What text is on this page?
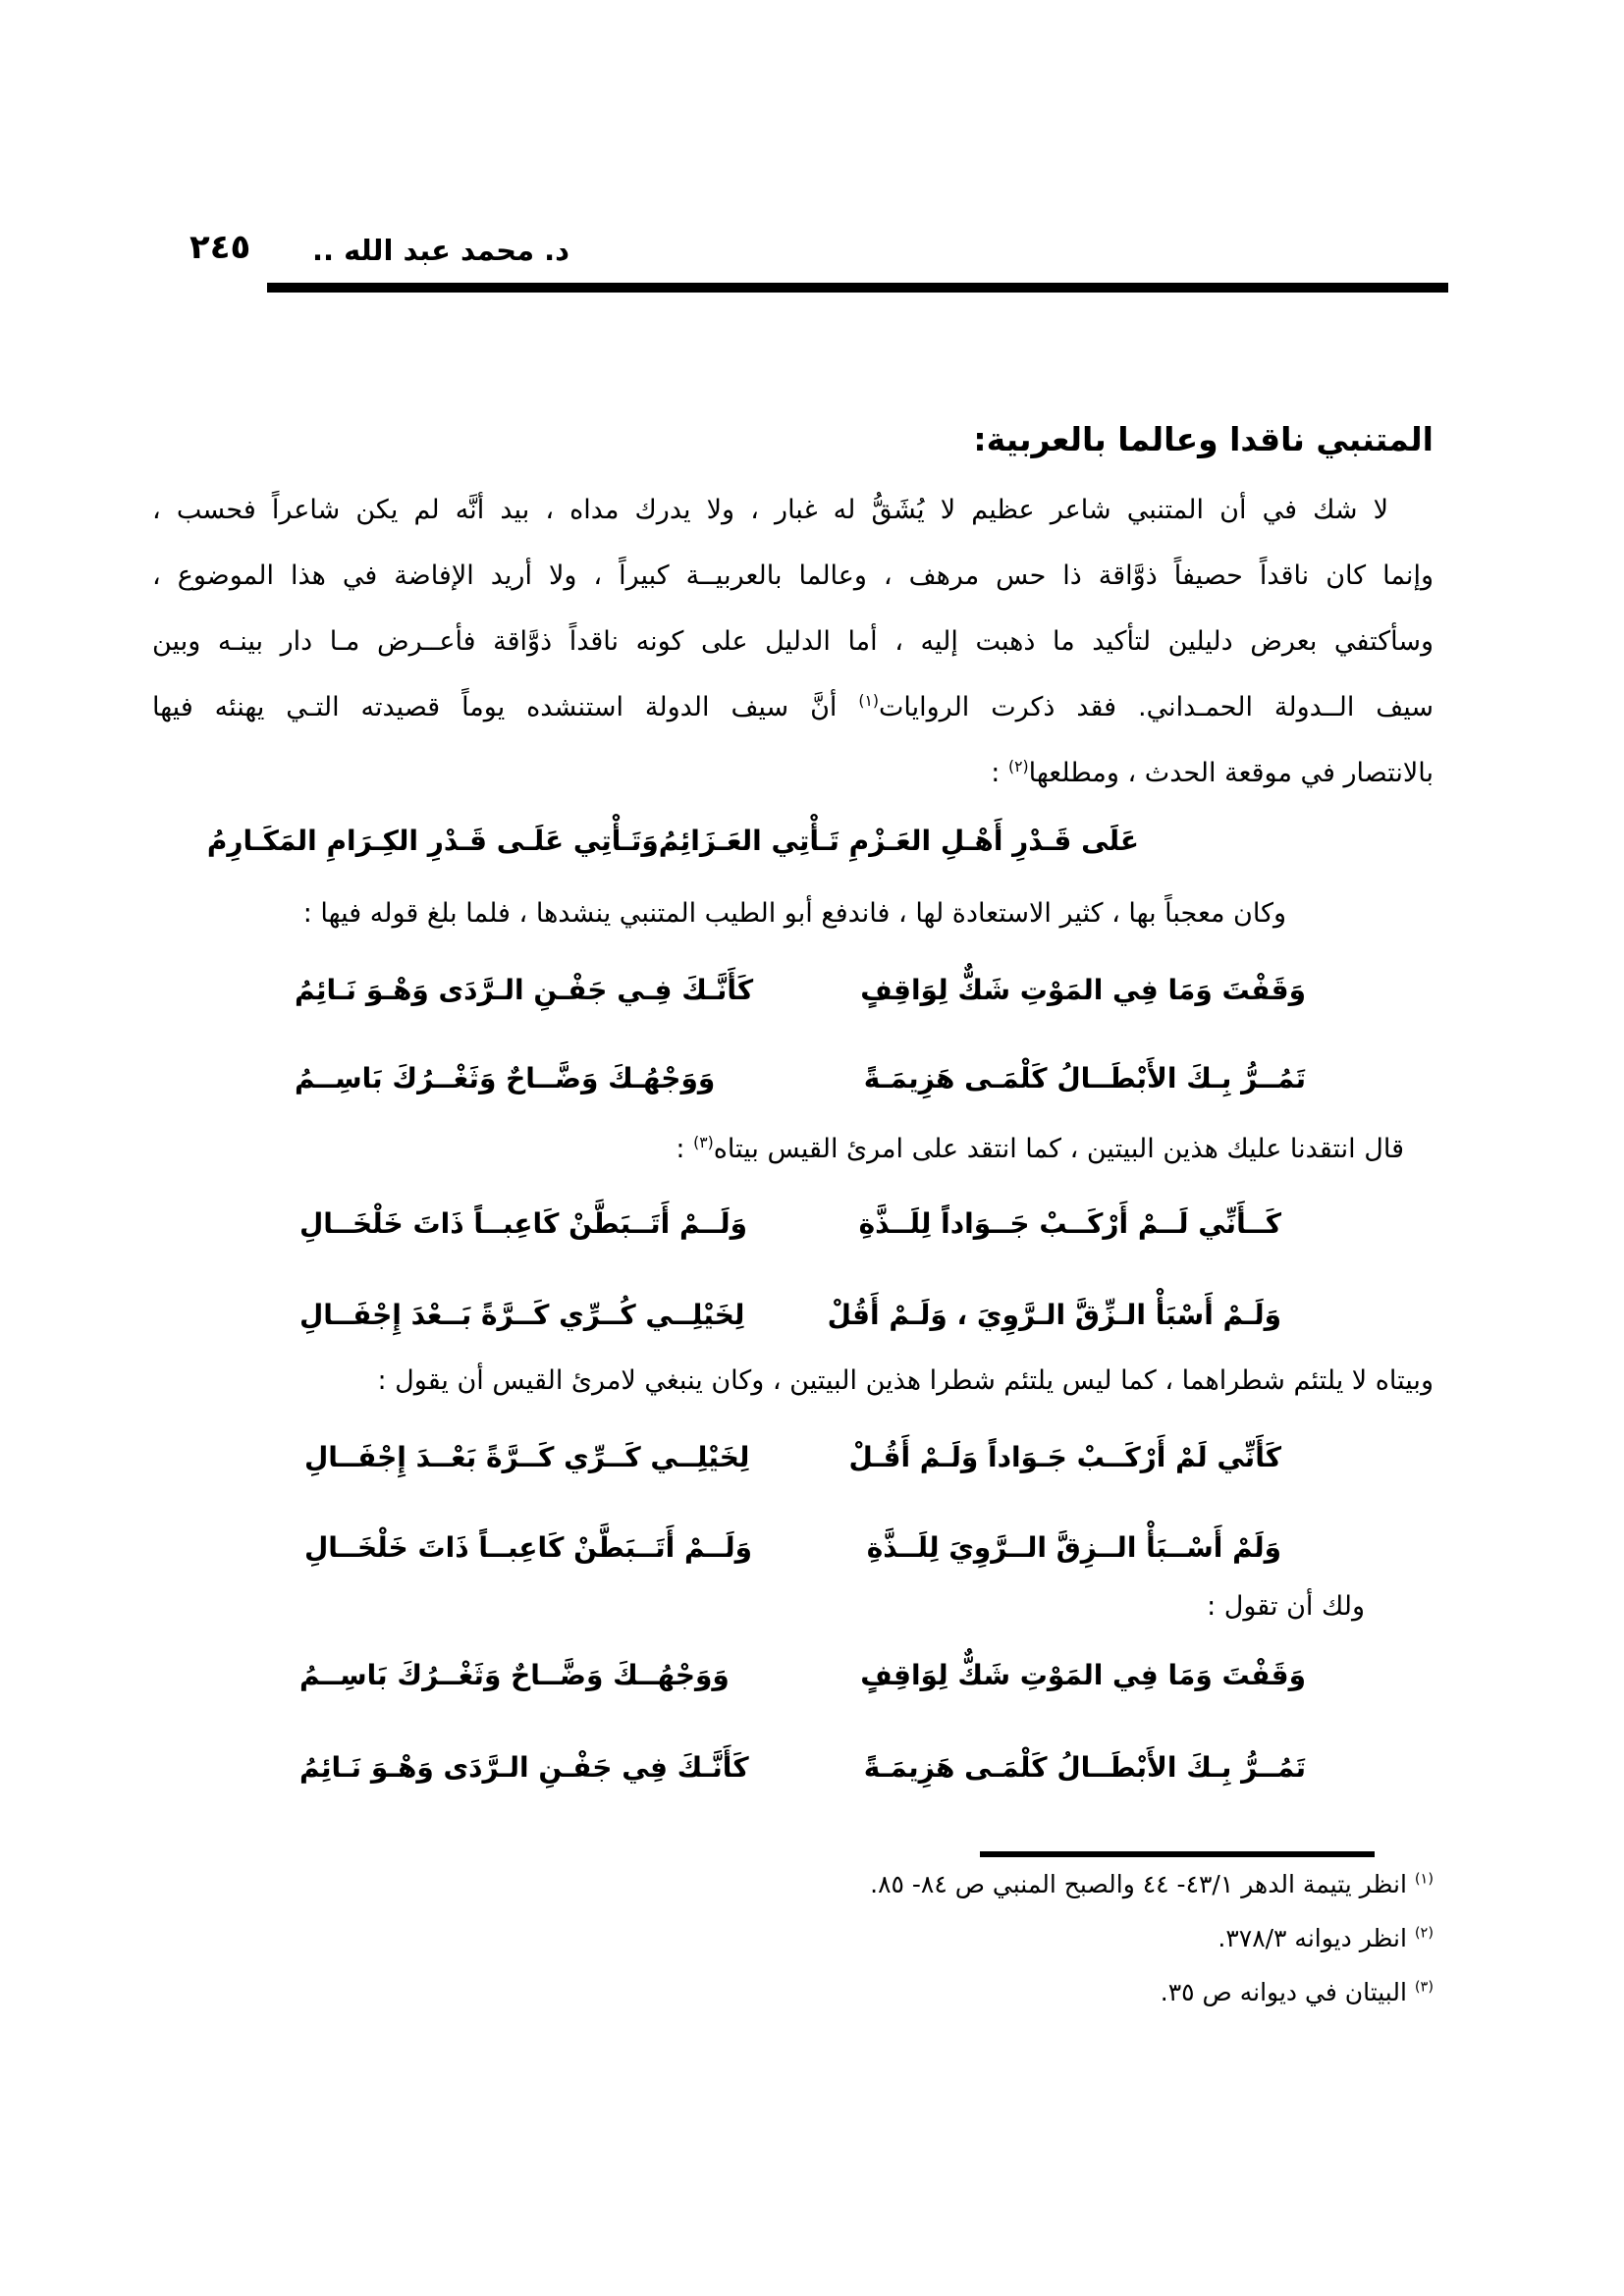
٢٤٥ د. محمد عبد الله ..
المتنبي ناقدا وعالما بالعربية:
لا شك في أن المتنبي شاعر عظيم لا يُشَقُّ له غبار ، ولا يدرك مداه ، بيد أنَّه لم يكن شاعراً فحسب ،
وإنما كان ناقداً حصيفاً ذوَّاقة ذا حس مرهف ، وعالما بالعربيــة كبيراً ، ولا أريد الإفاضة في هذا الموضوع ،
وسأكتفي بعرض دليلين لتأكيد ما ذهبت إليه ، أما الدليل على كونه ناقداً ذوَّاقة فأعــرض مـا دار بينـه وبين
سيف الــدولة الحمـداني. فقد ذكرت الروايات$^{(١)}$ أنَّ سيف الدولة استنشده يوماً قصيدته التـي يهنئه فيها
بالانتصار في موقعة الحدث ، ومطلعها$^{(٢)}$ :
عَلَى قَـدْرِ أَهْـلِ العَـزْمِ تَـأْتِي العَـزَائِمُ
وَتَـأْتِي عَلَـى قَـدْرِ الكِـرَامِ المَكَـارِمُ
وكان معجباً بها ، كثير الاستعادة لها ، فاندفع أبو الطيب المتنبي ينشدها ، فلما بلغ قوله فيها :
وَقَفْتَ وَمَا فِي المَوْتِ شَكٌّ لِوَاقِفٍ
كَأَنَّـكَ فِـي جَفْـنِ الـرَّدَى وَهْـوَ نَـائِمُ
تَمُــرُّ بِـكَ الأَبْطَــالُ كَلْمَـى هَزِيمَـةً
وَوَجْهُـكَ وَضَّــاحٌ وَثَغْــرُكَ بَاسِــمُ
قال انتقدنا عليك هذين البيتين ، كما انتقد على امرئ القيس بيتاه$^{(٣)}$ :
كَــأَنِّي لَــمْ أَرْكَــبْ جَــوَاداً لِلَــذَّةِ
وَلَــمْ أَتَــبَطَّنْ كَاعِبــاً ذَاتَ خَلْخَــالِ
وَلَـمْ أَسْبَأْ الـزِّقَّ الـرَّوِيَ ، وَلَـمْ أَقُلْ
لِخَيْلِــي كُــرِّي كَــرَّةً بَــعْدَ إِجْفَــالِ
وبيتاه لا يلتئم شطراهما ، كما ليس يلتئم شطرا هذين البيتين ، وكان ينبغي لامرئ القيس أن يقول :
كَأَنِّي لَمْ أَرْكَــبْ جَـوَاداً وَلَـمْ أَقُـلْ
لِخَيْلِــي كَــرِّي كَــرَّةً بَعْــدَ إِجْفَــالِ
وَلَمْ أَسْــبَأْ الــزِقَّ الــرَّوِيَ لِلَــذَّةِ
وَلَــمْ أَتَــبَطَّنْ كَاعِبــاً ذَاتَ خَلْخَــالِ
ولك أن تقول :
وَقَفْتَ وَمَا فِي المَوْتِ شَكٌّ لِوَاقِفٍ
وَوَجْهُــكَ وَضَّــاحٌ وَثَغْــرُكَ بَاسِــمُ
تَمُــرُّ بِـكَ الأَبْطَــالُ كَلْمَـى هَزِيمَـةً
كَأَنَّـكَ فِي جَفْـنِ الـرَّدَى وَهْـوَ نَـائِمُ
$^{(١)}$ انظر يتيمة الدهر ٤٣/١- ٤٤ والصبح المنبي ص ٨٤- ٨٥.
$^{(٢)}$ انظر ديوانه ٣٧٨/٣.
$^{(٣)}$ البيتان في ديوانه ص ٣٥.
